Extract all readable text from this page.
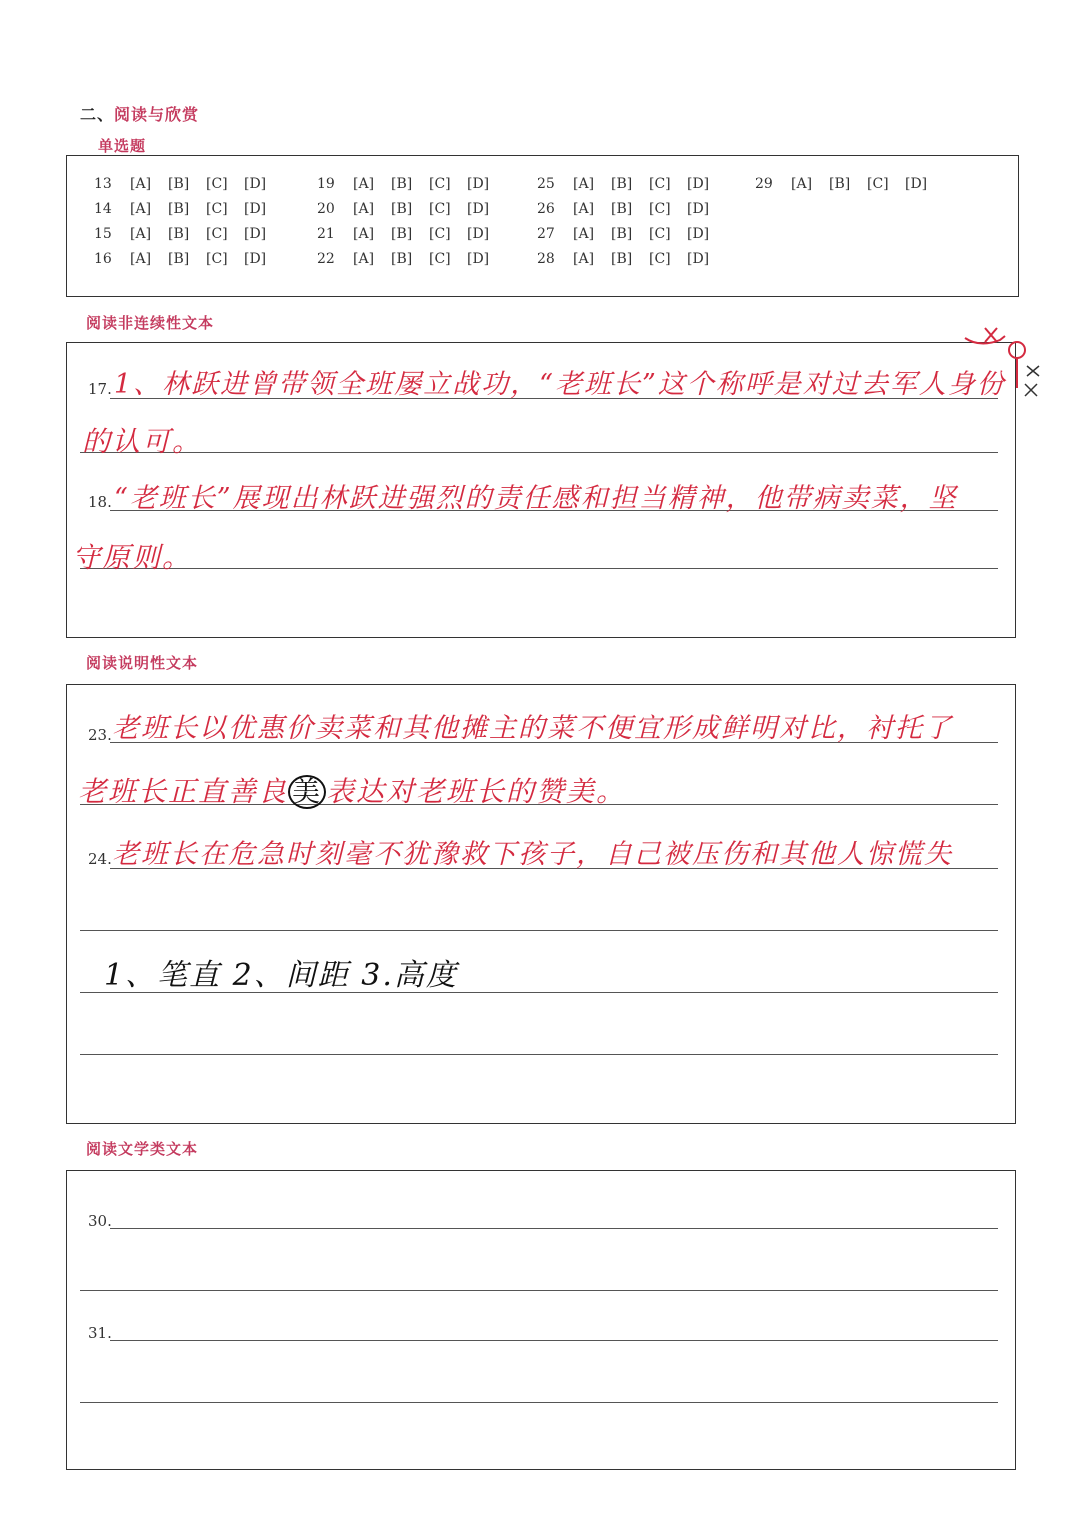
二、阅读与欣赏
单选题
13 [A] [B] [C] [D]
14 [A] [B] [C] [D]
15 [A] [B] [C] [D]
16 [A] [B] [C] [D]
19 [A] [B] [C] [D]
20 [A] [B] [C] [D]
21 [A] [B] [C] [D]
22 [A] [B] [C] [D]
25 [A] [B] [C] [D]
26 [A] [B] [C] [D]
27 [A] [B] [C] [D]
28 [A] [B] [C] [D]
29 [A] [B] [C] [D]
阅读非连续性文本
17. 1、林跃进曾带领全班屡立战功，“老班长”这个称呼是对过去军人身份
的认可。
18. “老班长”展现出林跃进强烈的责任感和担当精神，他带病卖菜，坚
守原则。
阅读说明性文本
23. 老班长以优惠价卖菜和其他摊主的菜不便宜形成鲜明对比，衬托了
老班长正直善良 美 表达对老班长的赞美。
24. 老班长在危急时刻毫不犹豫救下孩子，自己被压伤和其他人惊慌失
1、笔直 2、间距 3.高度
阅读文学类文本
30.
31.
